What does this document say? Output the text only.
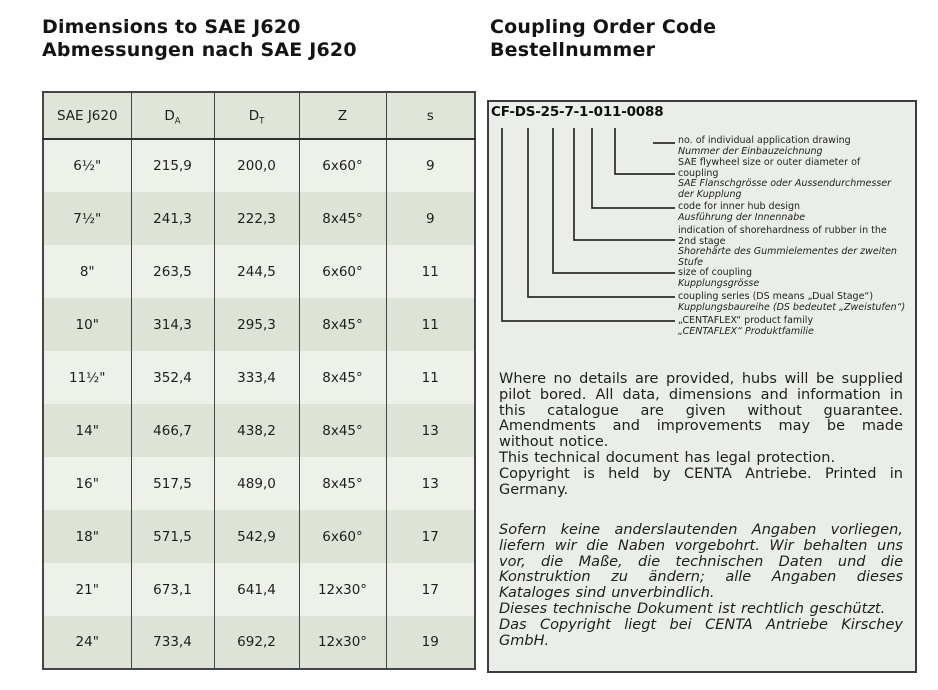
Dimensions to SAE J620
Abmessungen nach SAE J620
Coupling Order Code
Bestellnummer
SAE J620	$D_A$	$D_T$	Z	s
6½"	215,9	200,0	6x60°	9
7½"	241,3	222,3	8x45°	9
8"	263,5	244,5	6x60°	11
10"	314,3	295,3	8x45°	11
11½"	352,4	333,4	8x45°	11
14"	466,7	438,2	8x45°	13
16"	517,5	489,0	8x45°	13
18"	571,5	542,9	6x60°	17
21"	673,1	641,4	12x30°	17
24"	733,4	692,2	12x30°	19
CF-DS-25-7-1-011-0088
no. of individual application drawing
Nummer der Einbauzeichnung
SAE flywheel size or outer diameter of
coupling
SAE Flanschgrösse oder Aussendurchmesser
der Kupplung
code for inner hub design
Ausführung der Innennabe
indication of shorehardness of rubber in the
2nd stage
Shorehärte des Gummielementes der zweiten
Stufe
size of coupling
Kupplungsgrösse
coupling series (DS means „Dual Stage“)
Kupplungsbaureihe (DS bedeutet „Zweistufen“)
„CENTAFLEX“ product family
„CENTAFLEX“ Produktfamilie
Where no details are provided, hubs will be supplied pilot bored. All data, dimensions and information in this catalogue are given without guarantee. Amendments and improvements may be made without notice.
This technical document has legal protection.
Copyright is held by CENTA Antriebe. Printed in Germany.
Sofern keine anderslautenden Angaben vorliegen, liefern wir die Naben vorgebohrt. Wir behalten uns vor, die Maße, die technischen Daten und die Konstruktion zu ändern; alle Angaben dieses Kataloges sind unverbindlich.
Dieses technische Dokument ist rechtlich geschützt.
Das Copyright liegt bei CENTA Antriebe Kirschey GmbH.
